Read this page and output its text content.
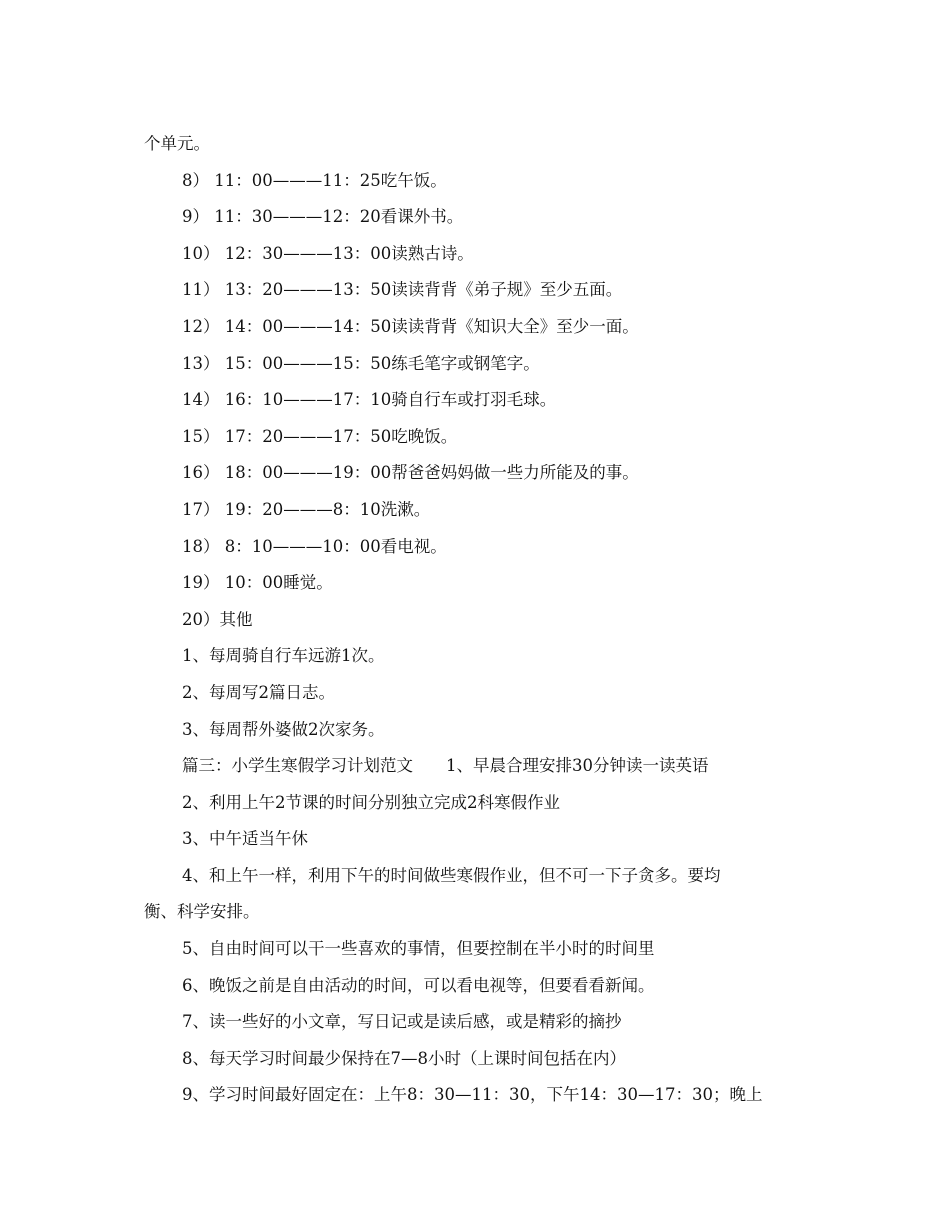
个单元。
8） 11：00———11：25吃午饭。
9） 11：30———12：20看课外书。
10） 12：30———13：00读熟古诗。
11） 13：20———13：50读读背背《弟子规》至少五面。
12） 14：00———14：50读读背背《知识大全》至少一面。
13） 15：00———15：50练毛笔字或钢笔字。
14） 16：10———17：10骑自行车或打羽毛球。
15） 17：20———17：50吃晚饭。
16） 18：00———19：00帮爸爸妈妈做一些力所能及的事。
17） 19：20———8：10洗漱。
18） 8：10———10：00看电视。
19） 10：00睡觉。
20）其他
1、每周骑自行车远游1次。
2、每周写2篇日志。
3、每周帮外婆做2次家务。
篇三：小学生寒假学习计划范文　　1、早晨合理安排30分钟读一读英语
2、利用上午2节课的时间分别独立完成2科寒假作业
3、中午适当午休
4、和上午一样，利用下午的时间做些寒假作业，但不可一下子贪多。要均
衡、科学安排。
5、自由时间可以干一些喜欢的事情，但要控制在半小时的时间里
6、晚饭之前是自由活动的时间，可以看电视等，但要看看新闻。
7、读一些好的小文章，写日记或是读后感，或是精彩的摘抄
8、每天学习时间最少保持在7—8小时（上课时间包括在内）
9、学习时间最好固定在：上午8：30—11：30，下午14：30—17：30；晚上
